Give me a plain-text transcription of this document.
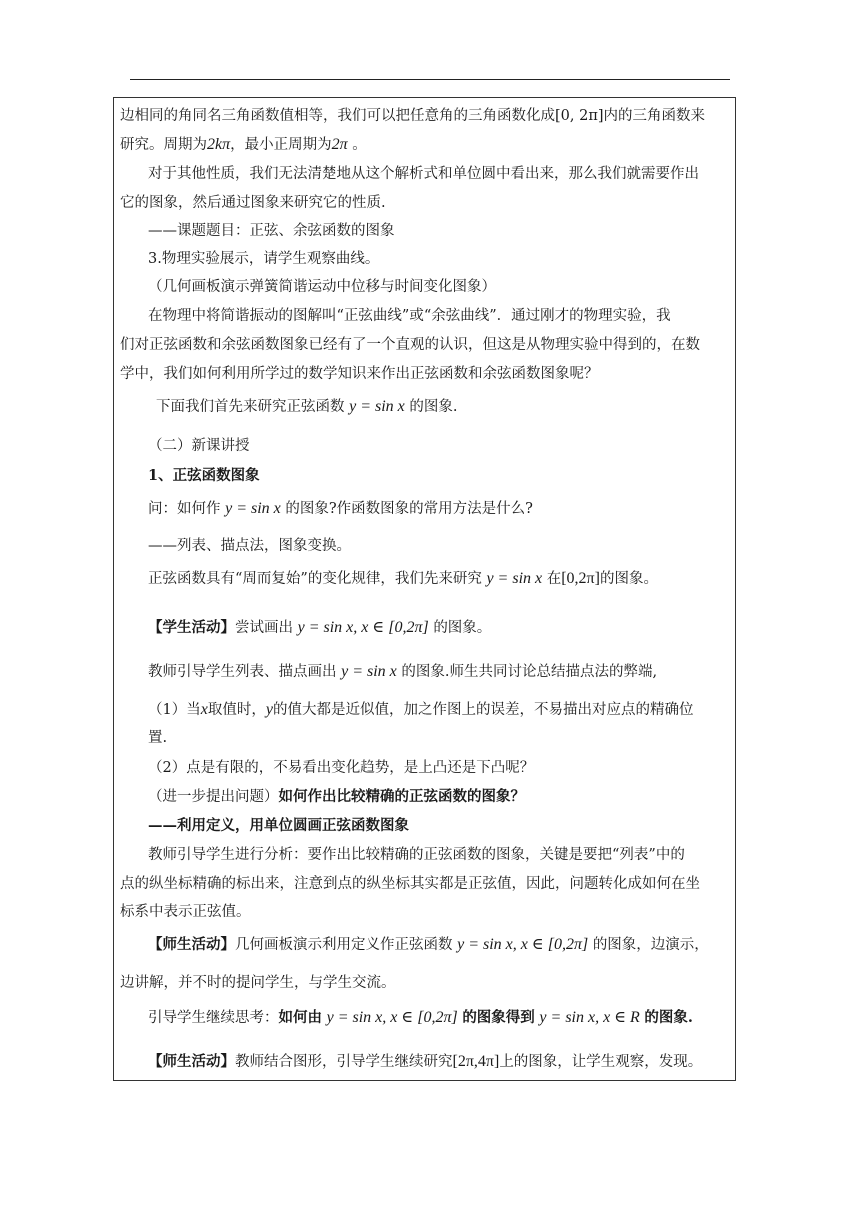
边相同的角同名三角函数值相等，我们可以把任意角的三角函数化成[0, 2π]内的三角函数来
研究。周期为2kπ，最小正周期为2π 。
对于其他性质，我们无法清楚地从这个解析式和单位圆中看出来，那么我们就需要作出
它的图象，然后通过图象来研究它的性质.
——课题题目：正弦、余弦函数的图象
3.物理实验展示，请学生观察曲线。
（几何画板演示弹簧简谐运动中位移与时间变化图象）
在物理中将简谐振动的图解叫“正弦曲线”或“余弦曲线”．通过刚才的物理实验，我
们对正弦函数和余弦函数图象已经有了一个直观的认识，但这是从物理实验中得到的，在数
学中，我们如何利用所学过的数学知识来作出正弦函数和余弦函数图象呢？
下面我们首先来研究正弦函数 y = sin x 的图象.
（二）新课讲授
1、正弦函数图象
问：如何作 y = sin x 的图象?作函数图象的常用方法是什么?
——列表、描点法，图象变换。
正弦函数具有“周而复始”的变化规律，我们先来研究 y = sin x 在[0,2π]的图象。
【学生活动】尝试画出 y = sin x, x ∈ [0,2π] 的图象。
教师引导学生列表、描点画出 y = sin x 的图象.师生共同讨论总结描点法的弊端,
（1）当x取值时，y的值大都是近似值，加之作图上的误差，不易描出对应点的精确位
置.
（2）点是有限的，不易看出变化趋势，是上凸还是下凸呢？
（进一步提出问题）如何作出比较精确的正弦函数的图象？
——利用定义，用单位圆画正弦函数图象
教师引导学生进行分析：要作出比较精确的正弦函数的图象，关键是要把“列表”中的
点的纵坐标精确的标出来，注意到点的纵坐标其实都是正弦值，因此，问题转化成如何在坐
标系中表示正弦值。
【师生活动】几何画板演示利用定义作正弦函数 y = sin x, x ∈ [0,2π] 的图象，边演示，
边讲解，并不时的提问学生，与学生交流。
引导学生继续思考：如何由 y = sin x, x ∈ [0,2π] 的图象得到 y = sin x, x ∈ R 的图象.
【师生活动】教师结合图形，引导学生继续研究[2π,4π]上的图象，让学生观察，发现。
